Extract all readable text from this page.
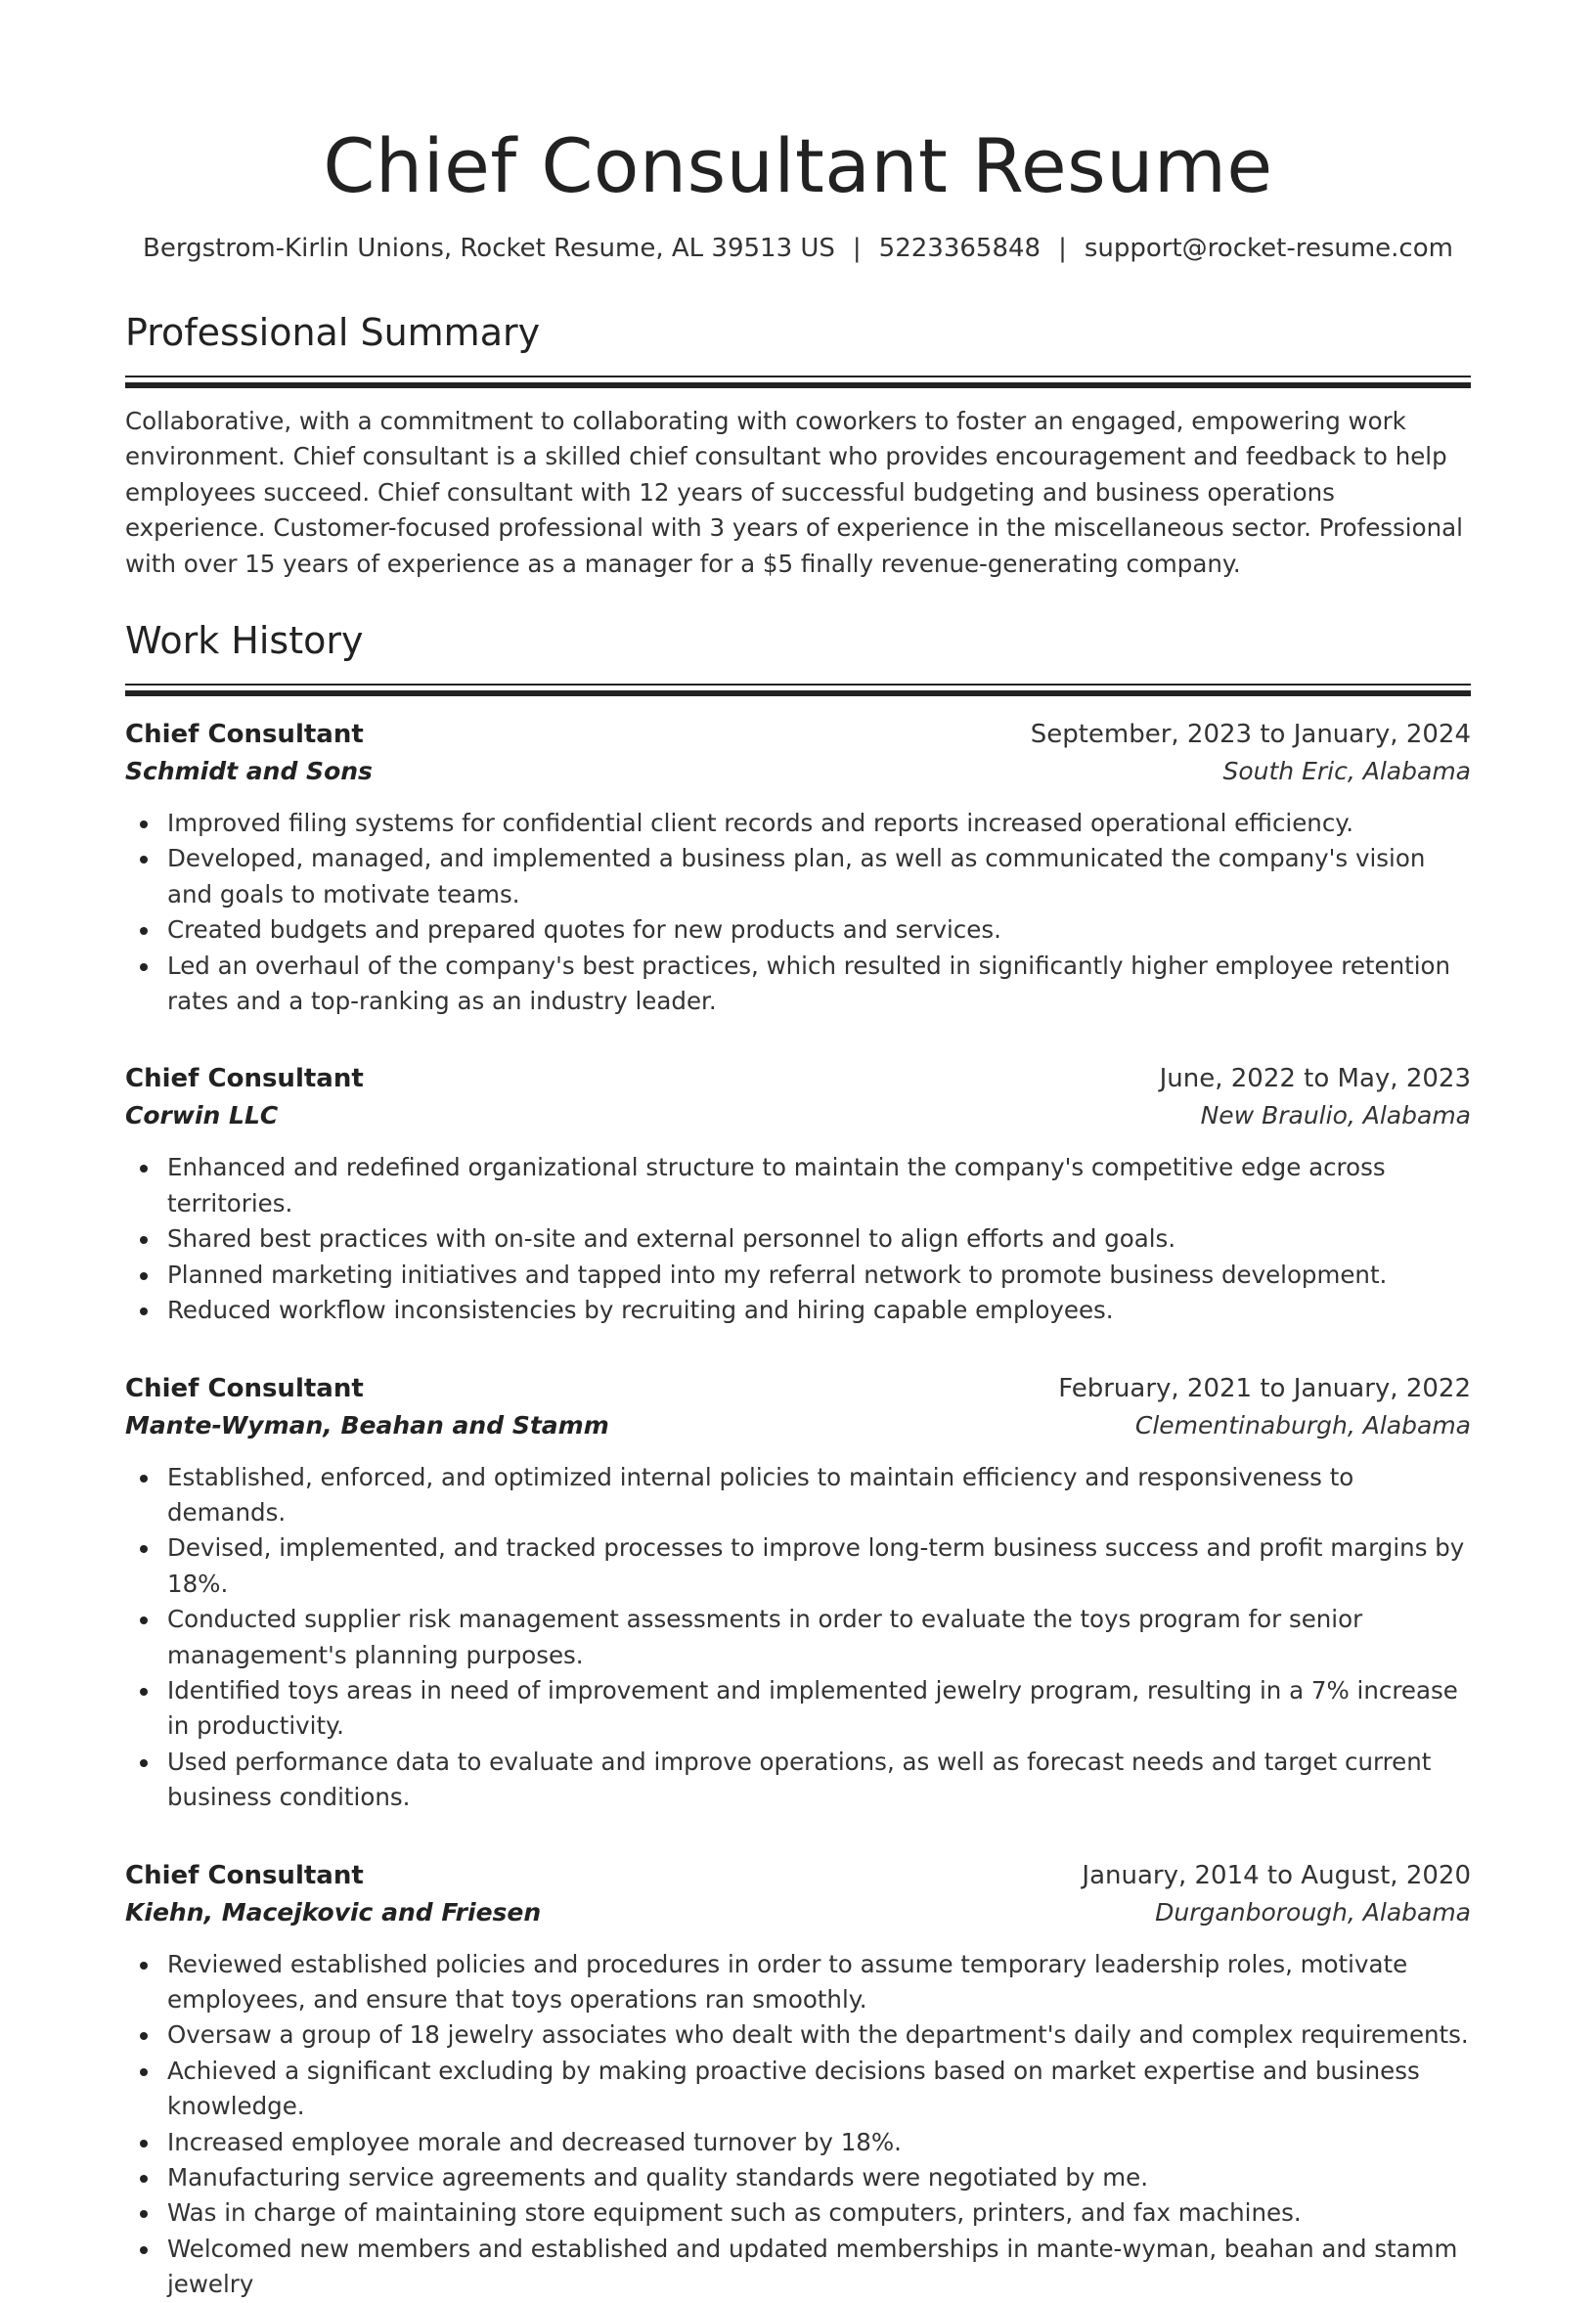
Chief Consultant Resume
Bergstrom-Kirlin Unions, Rocket Resume, AL 39513 US | 5223365848 | support@rocket-resume.com
Professional Summary

Collaborative, with a commitment to collaborating with coworkers to foster an engaged, empowering work environment. Chief consultant is a skilled chief consultant who provides encouragement and feedback to help employees succeed. Chief consultant with 12 years of successful budgeting and business operations experience. Customer-focused professional with 3 years of experience in the miscellaneous sector. Professional with over 15 years of experience as a manager for a $5 finally revenue-generating company.

Work History
Chief Consultant	September, 2023 to January, 2024
Schmidt and Sons	South Eric, Alabama
Improved filing systems for confidential client records and reports increased operational efficiency.
Developed, managed, and implemented a business plan, as well as communicated the company's vision and goals to motivate teams.
Created budgets and prepared quotes for new products and services.
Led an overhaul of the company's best practices, which resulted in significantly higher employee retention rates and a top-ranking as an industry leader.
Chief Consultant	June, 2022 to May, 2023
Corwin LLC	New Braulio, Alabama
Enhanced and redefined organizational structure to maintain the company's competitive edge across territories.
Shared best practices with on-site and external personnel to align efforts and goals.
Planned marketing initiatives and tapped into my referral network to promote business development.
Reduced workflow inconsistencies by recruiting and hiring capable employees.
Chief Consultant	February, 2021 to January, 2022
Mante-Wyman, Beahan and Stamm	Clementinaburgh, Alabama
Established, enforced, and optimized internal policies to maintain efficiency and responsiveness to demands.
Devised, implemented, and tracked processes to improve long-term business success and profit margins by 18%.
Conducted supplier risk management assessments in order to evaluate the toys program for senior management's planning purposes.
Identified toys areas in need of improvement and implemented jewelry program, resulting in a 7% increase in productivity.
Used performance data to evaluate and improve operations, as well as forecast needs and target current business conditions.
Chief Consultant	January, 2014 to August, 2020
Kiehn, Macejkovic and Friesen	Durganborough, Alabama
Reviewed established policies and procedures in order to assume temporary leadership roles, motivate employees, and ensure that toys operations ran smoothly.
Oversaw a group of 18 jewelry associates who dealt with the department's daily and complex requirements.
Achieved a significant excluding by making proactive decisions based on market expertise and business knowledge.
Increased employee morale and decreased turnover by 18%.
Manufacturing service agreements and quality standards were negotiated by me.
Was in charge of maintaining store equipment such as computers, printers, and fax machines.
Welcomed new members and established and updated memberships in mante-wyman, beahan and stamm jewelry
